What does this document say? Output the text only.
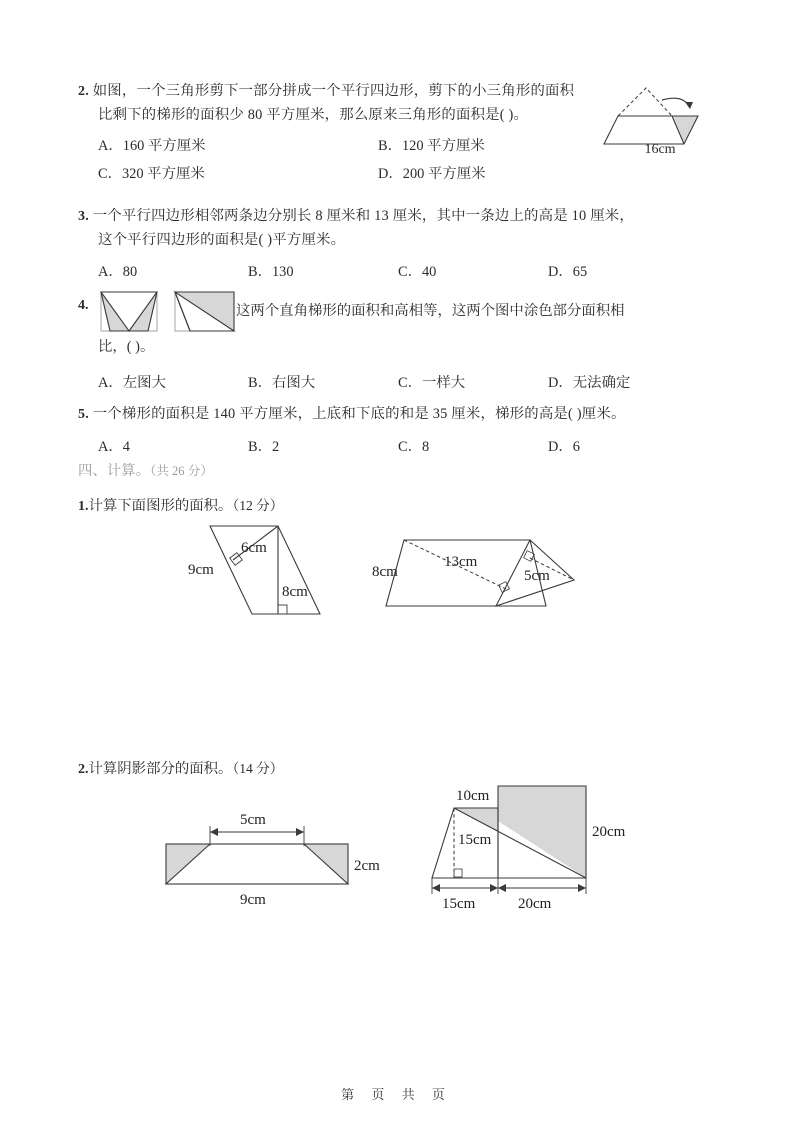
2. 如图，一个三角形剪下一部分拼成一个平行四边形，剪下的小三角形的面积
比剩下的梯形的面积少 80 平方厘米，那么原来三角形的面积是( )。
A．160 平方厘米	B．120 平方厘米
C．320 平方厘米	D．200 平方厘米
16cm
3. 一个平行四边形相邻两条边分别长 8 厘米和 13 厘米，其中一条边上的高是 10 厘米，
这个平行四边形的面积是( )平方厘米。
A．80	B．130	C．40	D．65
4.	这两个直角梯形的面积和高相等，这两个图中涂色部分面积相
比，( )。
A．左图大	B．右图大	C．一样大	D．无法确定
5. 一个梯形的面积是 140 平方厘米，上底和下底的和是 35 厘米，梯形的高是( )厘米。
A．4	B．2	C．8	D．6
四、计算。（共 26 分）
1.计算下面图形的面积。（12 分）
9cm
6cm
8cm
8cm
13cm
5cm
2.计算阴影部分的面积。（14 分）
5cm
9cm
2cm
10cm
15cm	20cm
15cm	20cm
第 页 共 页
